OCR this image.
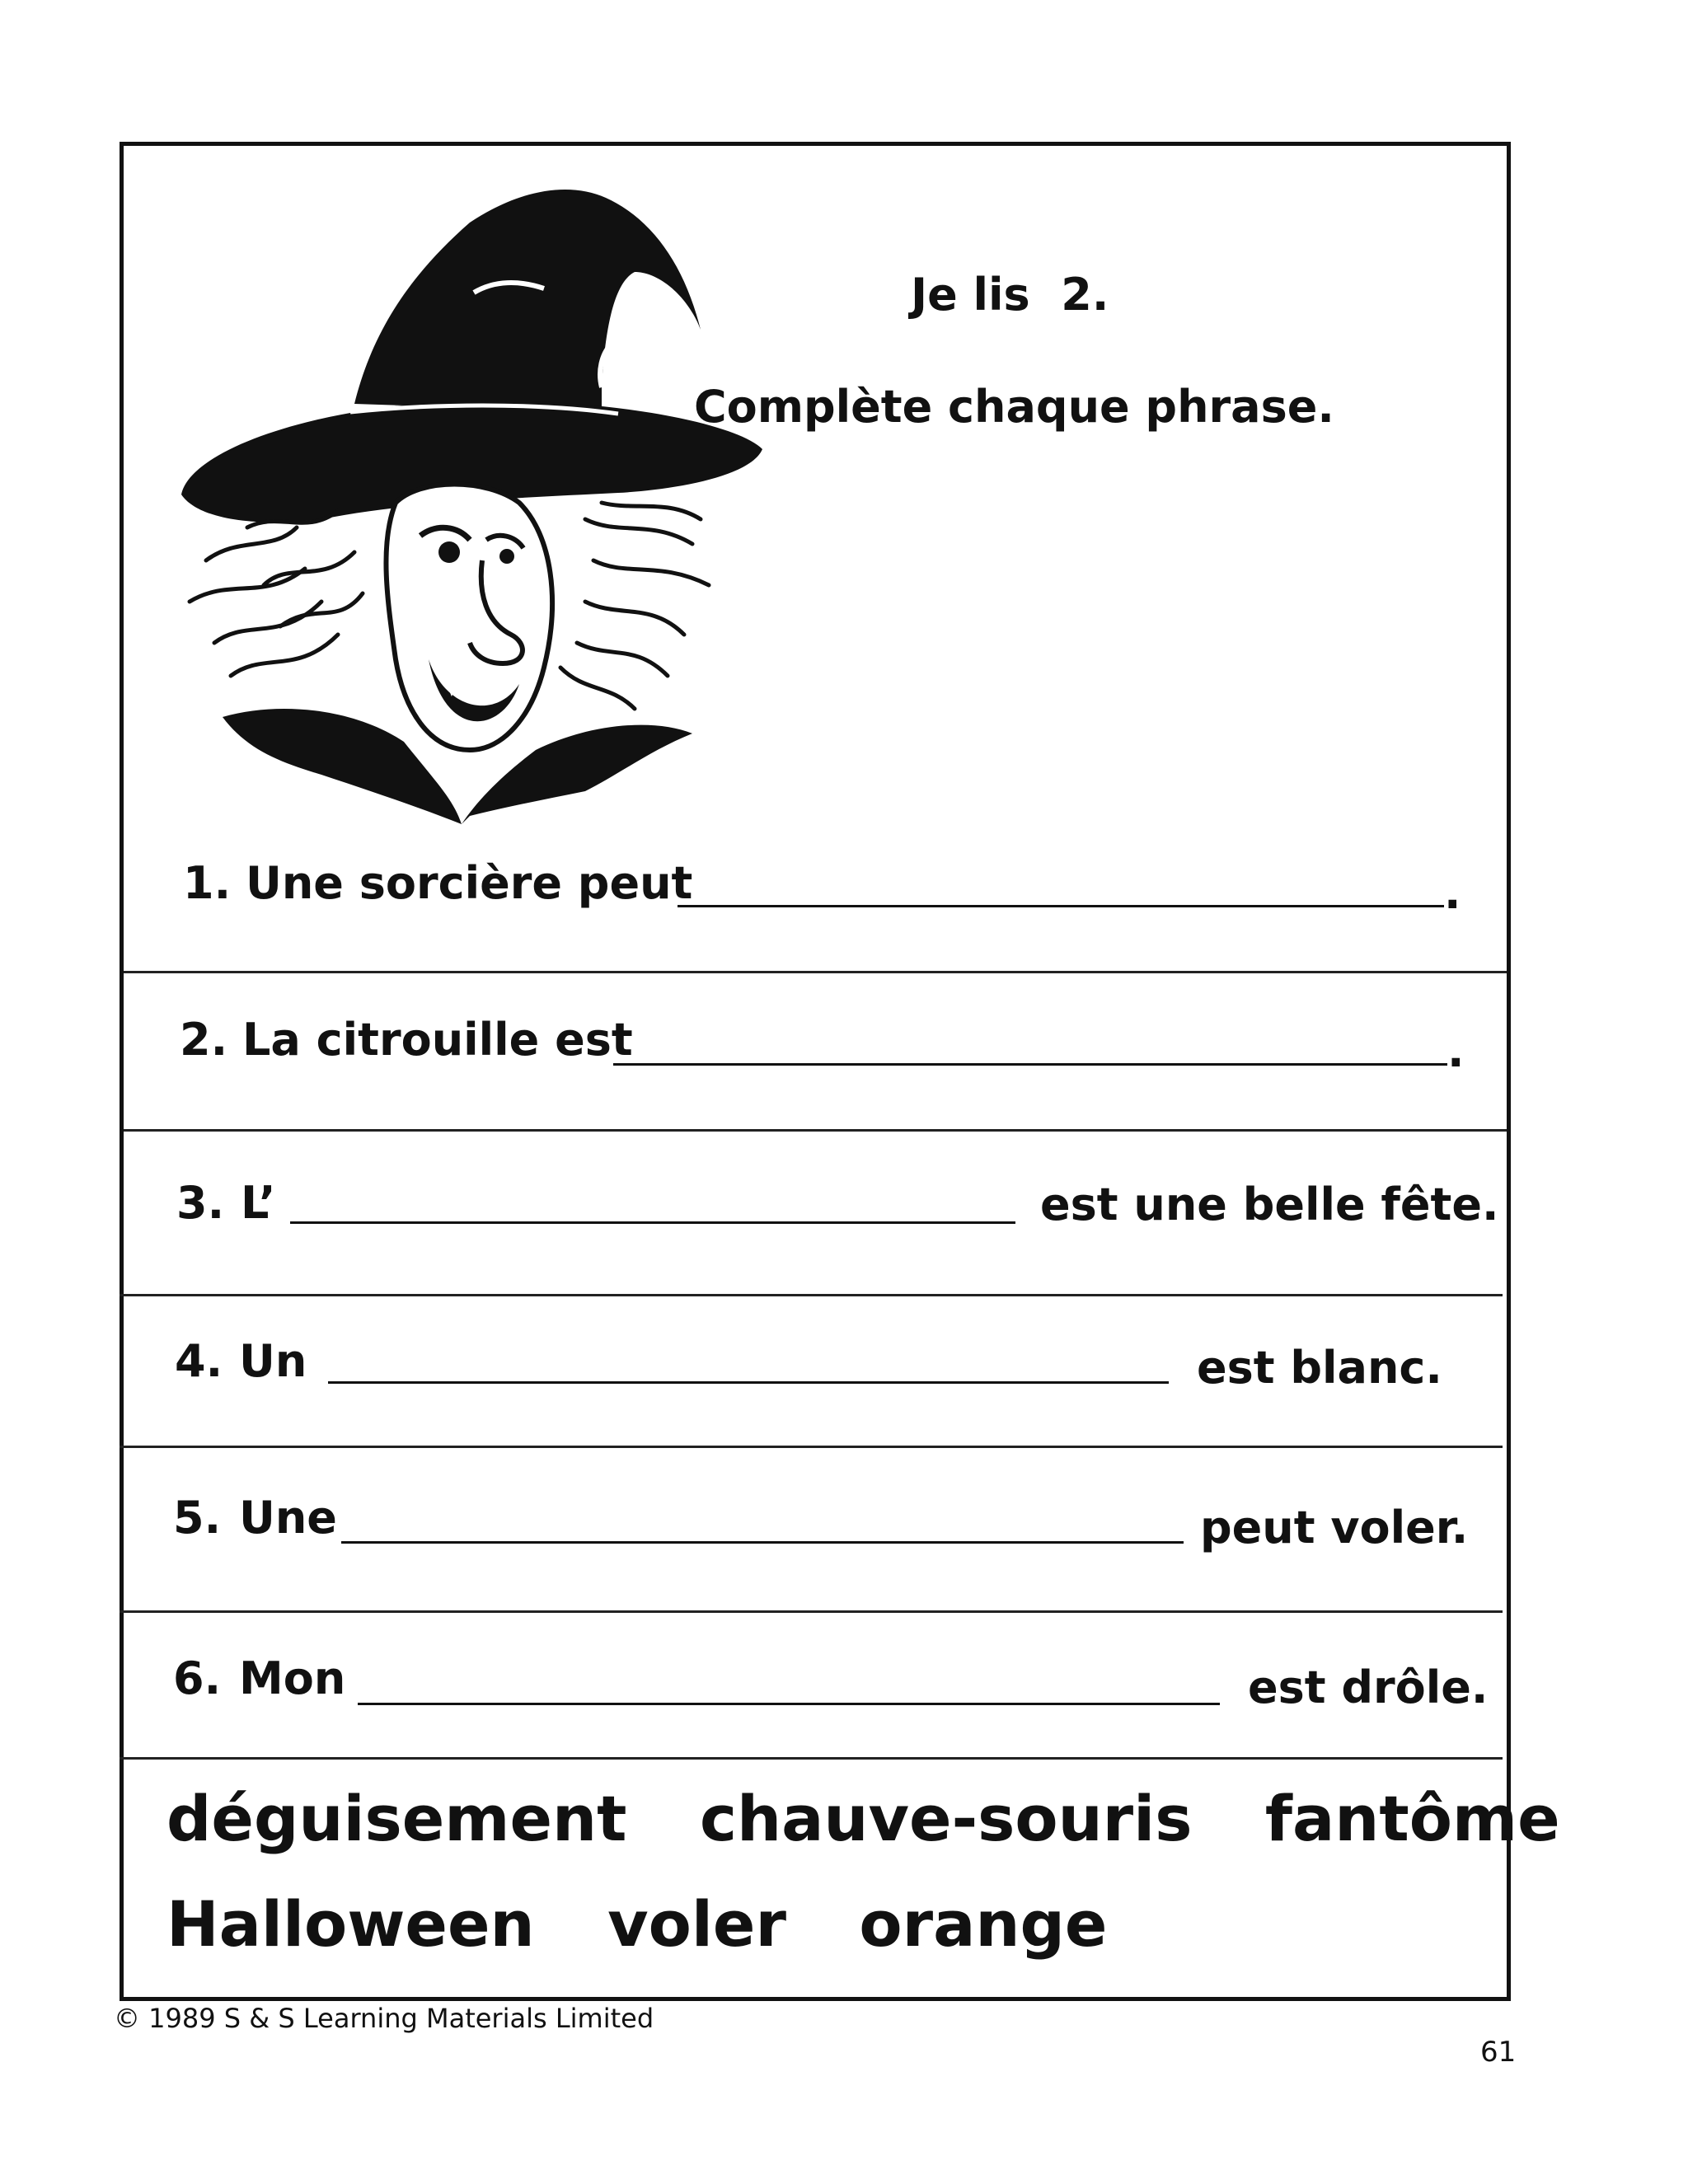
Je lis  2.
Complète chaque phrase.
1. Une sorcière peut	.
2. La citrouille est	.
3. L’	est une belle fête.
4. Un	est blanc.
5. Une	peut voler.
6. Mon	est drôle.
déguisement chauve-souris fantôme
Halloween voler orange
© 1989 S & S Learning Materials Limited
61
